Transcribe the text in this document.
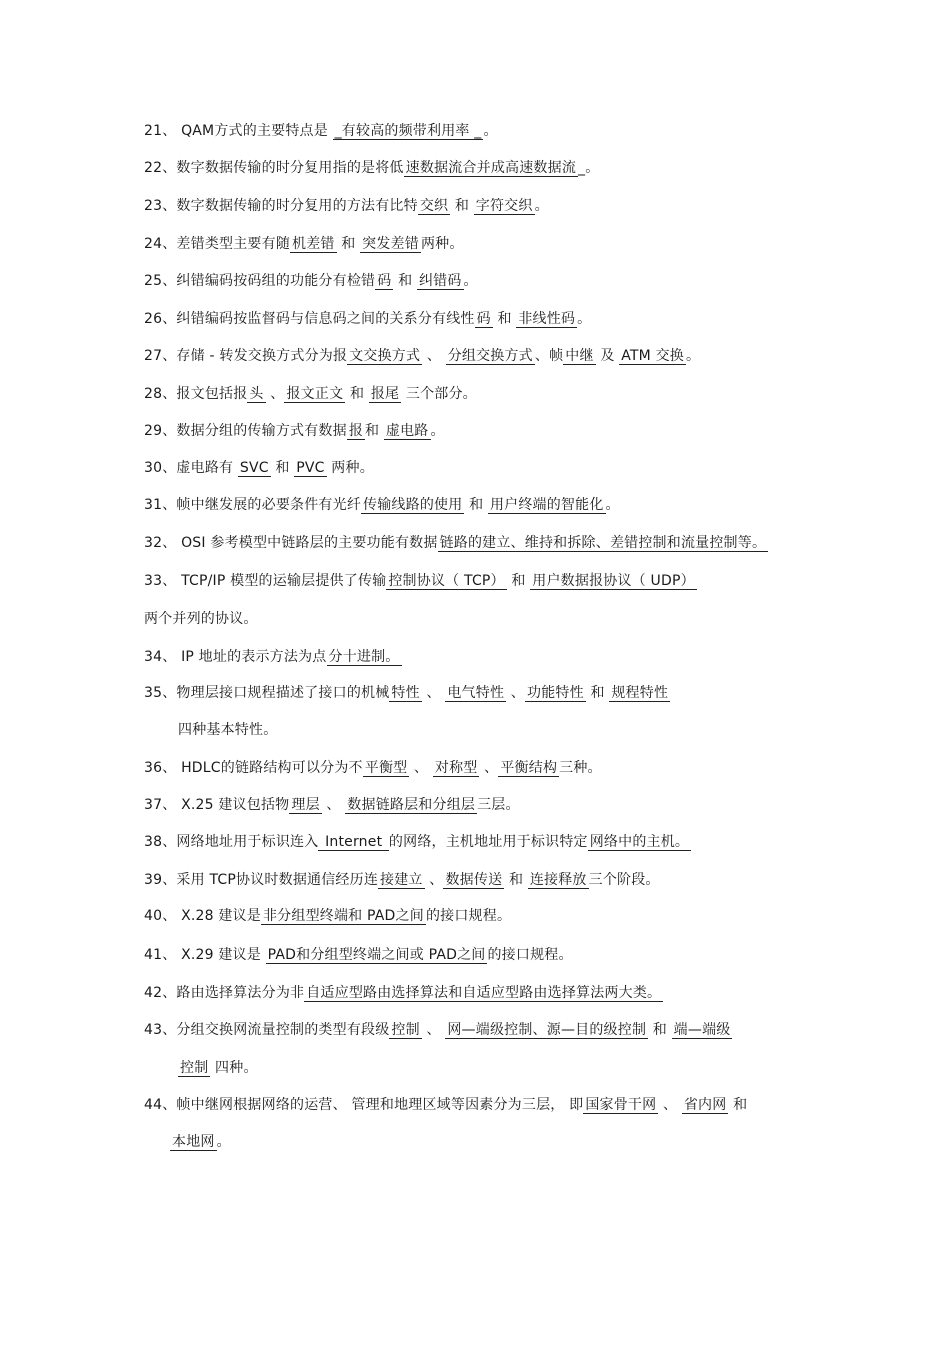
21、 QAM方式的主要特点是 _有较高的频带利用率 _ 。
22、数字数据传输的时分复用指的是将低 速数据流合并成高速数据流 _。
23、数字数据传输的时分复用的方法有比特 交织 和 字符交织 。
24、差错类型主要有随 机差错 和 突发差错 两种。
25、纠错编码按码组的功能分有检错 码 和 纠错码 。
26、纠错编码按监督码与信息码之间的关系分有线性 码 和 非线性码 。
27、存储 - 转发交换方式分为报 文交换方式 、 分组交换方式 、帧 中继 及 ATM 交换 。
28、报文包括报 头 、 报文正文 和 报尾 三个部分。
29、数据分组的传输方式有数据 报 和 虚电路 。
30、虚电路有 SVC 和 PVC 两种。
31、帧中继发展的必要条件有光纤 传输线路的使用 和 用户终端的智能化 。
32、 OSI 参考模型中链路层的主要功能有数据 链路的建立、维持和拆除、差错控制和流量控制等。
33、 TCP/IP 模型的运输层提供了传输 控制协议（ TCP） 和 用户数据报协议（ UDP）
两个并列的协议。
34、 IP 地址的表示方法为点 分十进制。
35、物理层接口规程描述了接口的机械 特性 、 电气特性 、 功能特性 和 规程特性
四种基本特性。
36、 HDLC的链路结构可以分为不 平衡型 、 对称型 、 平衡结构 三种。
37、 X.25 建议包括物 理层 、 数据链路层和分组层 三层。
38、网络地址用于标识连入 Internet 的网络，主机地址用于标识特定 网络中的主机。
39、采用 TCP协议时数据通信经历连 接建立 、 数据传送 和 连接释放 三个阶段。
40、 X.28 建议是 非分组型终端和 PAD之间 的接口规程。
41、 X.29 建议是 PAD和分组型终端之间或 PAD之间 的接口规程。
42、路由选择算法分为非 自适应型路由选择算法和自适应型路由选择算法两大类。
43、分组交换网流量控制的类型有段级 控制 、 网—端级控制、源—目的级控制 和 端—端级
控制 四种。
44、帧中继网根据网络的运营、 管理和地理区域等因素分为三层， 即 国家骨干网 、 省内网 和
本地网 。
